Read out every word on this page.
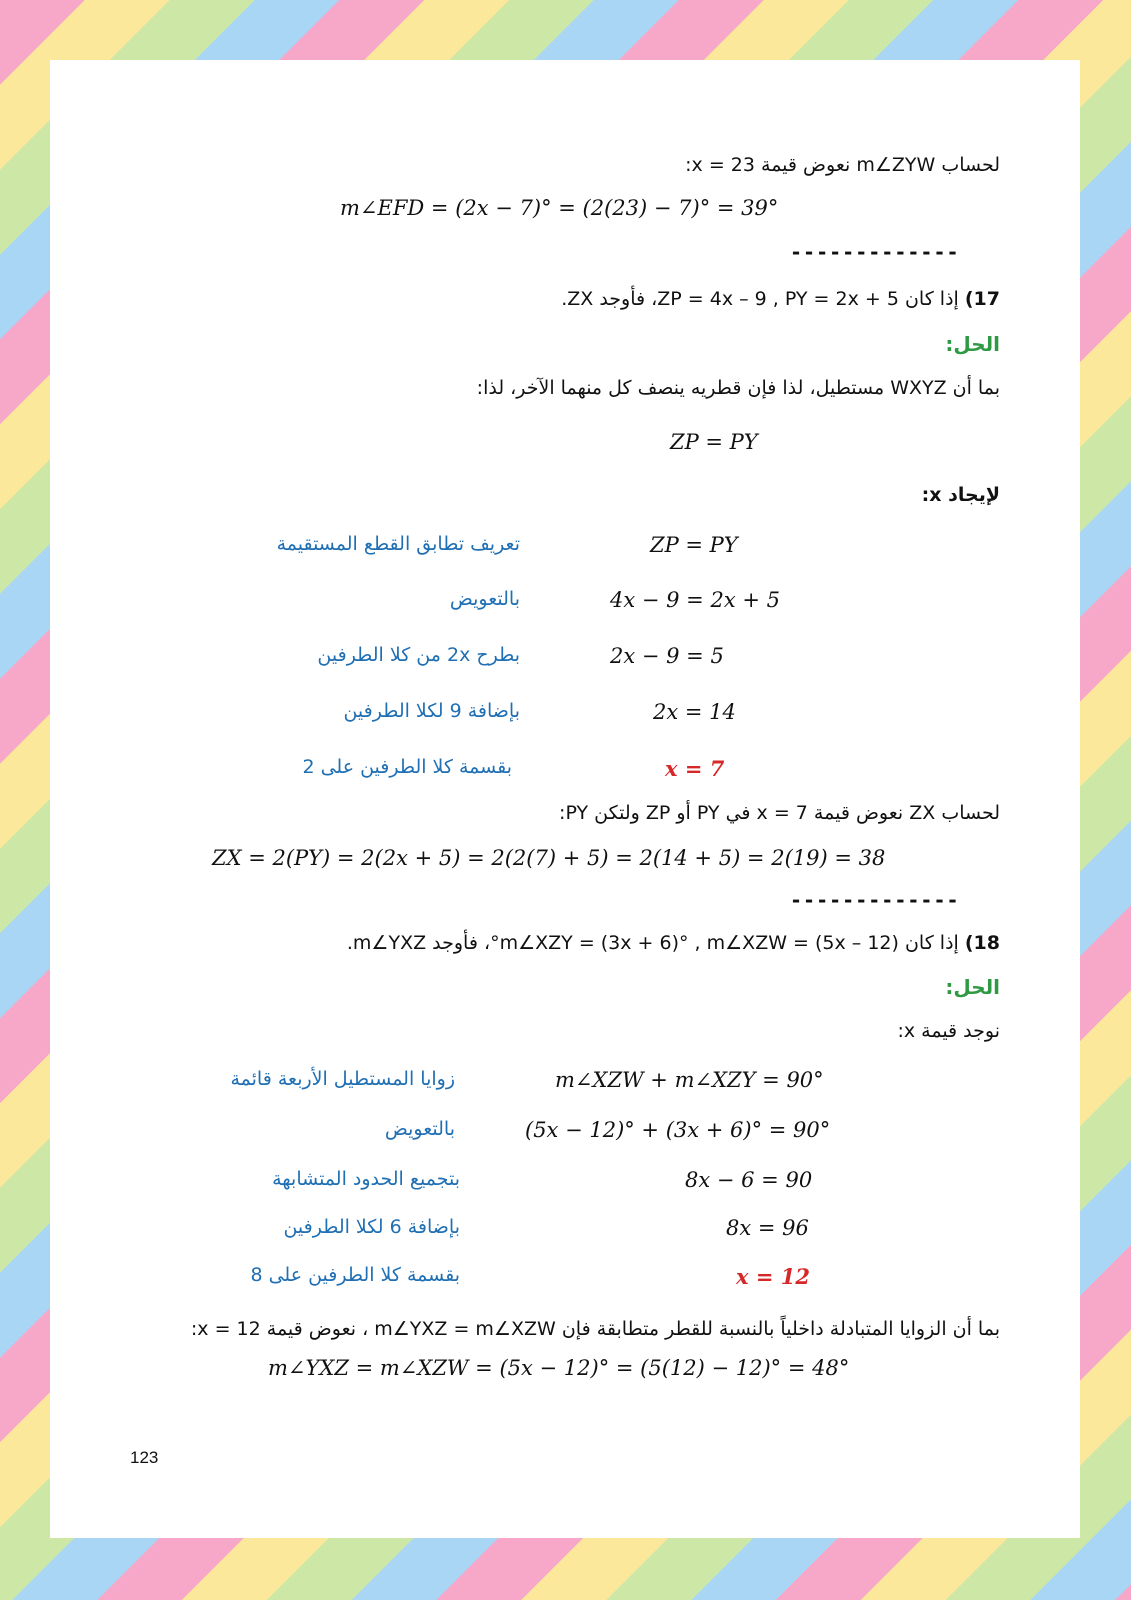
لحساب m∠ZYW نعوض قيمة x = 23:
m∠EFD = (2x − 7)° = (2(23) − 7)° = 39°
-------------
17) إذا كان ZP = 4x – 9 , PY = 2x + 5، فأوجد ZX.
الحل:
بما أن WXYZ مستطيل، لذا فإن قطريه ينصف كل منهما الآخر، لذا:
ZP = PY
لإيجاد x:
ZP = PY
تعريف تطابق القطع المستقيمة
4x − 9 = 2x + 5
بالتعويض
2x − 9 = 5
بطرح 2x من كلا الطرفين
2x = 14
بإضافة 9 لكلا الطرفين
x = 7
بقسمة كلا الطرفين على 2
لحساب ZX نعوض قيمة x = 7 في PY أو ZP ولتكن PY:
ZX = 2(PY) = 2(2x + 5) = 2(2(7) + 5) = 2(14 + 5) = 2(19) = 38
-------------
18) إذا كان m∠XZY = (3x + 6)° , m∠XZW = (5x – 12)°، فأوجد m∠YXZ.
الحل:
نوجد قيمة x:
m∠XZW + m∠XZY = 90°
زوايا المستطيل الأربعة قائمة
(5x − 12)° + (3x + 6)° = 90°
بالتعويض
8x − 6 = 90
بتجميع الحدود المتشابهة
8x = 96
بإضافة 6 لكلا الطرفين
x = 12
بقسمة كلا الطرفين على 8
بما أن الزوايا المتبادلة داخلياً بالنسبة للقطر متطابقة فإن m∠YXZ = m∠XZW ، نعوض قيمة x = 12:
m∠YXZ = m∠XZW = (5x − 12)° = (5(12) − 12)° = 48°
123
